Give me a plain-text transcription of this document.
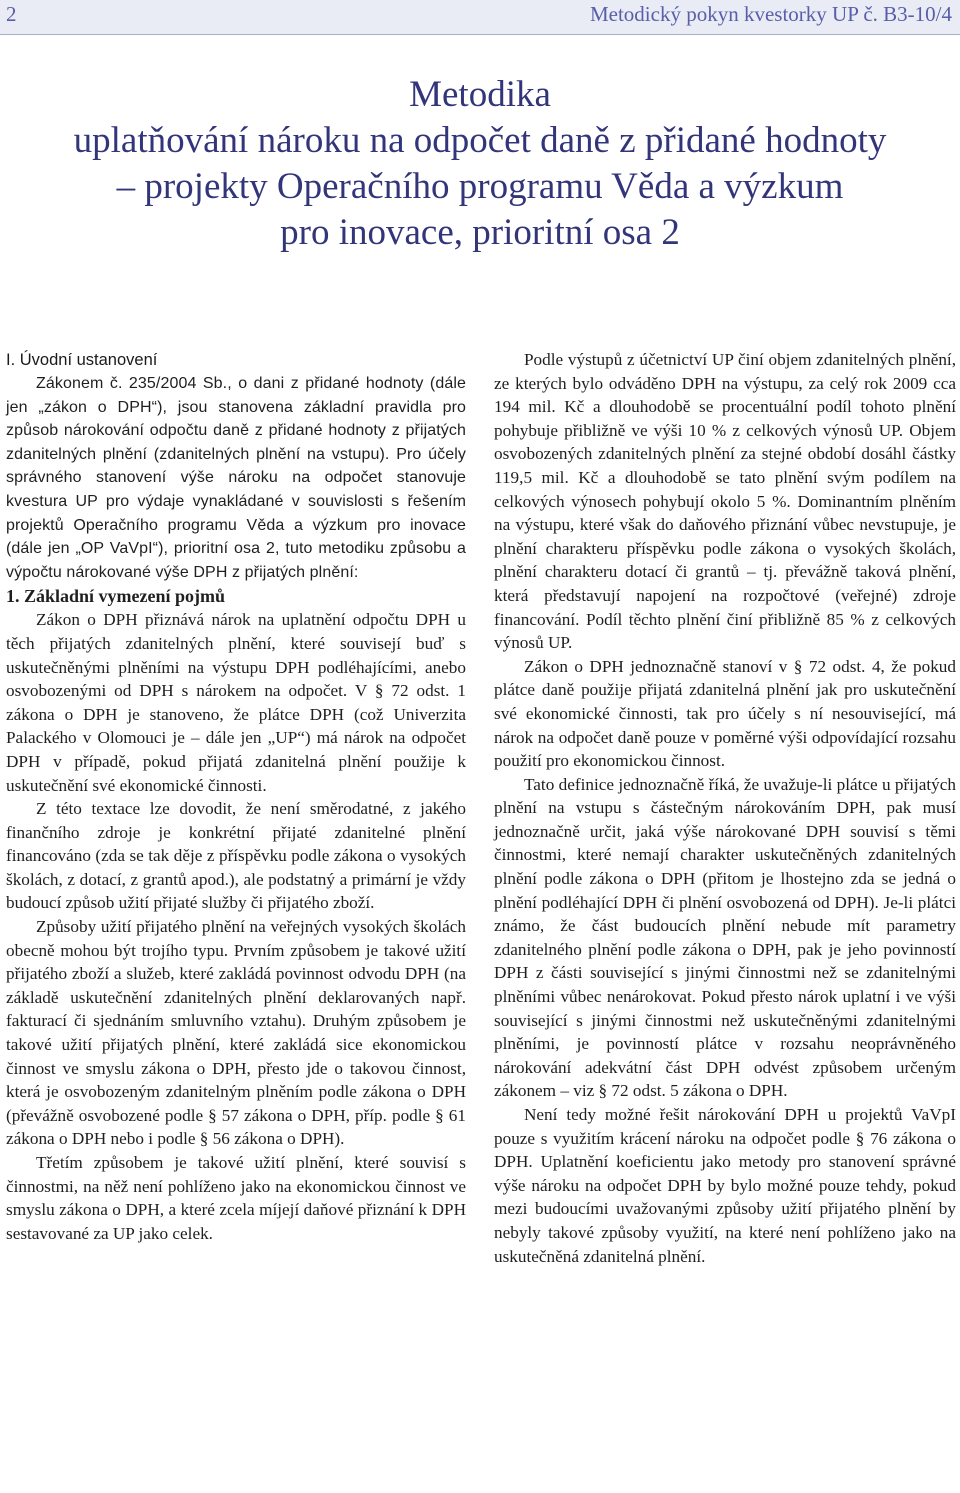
2	Metodický pokyn kvestorky UP č. B3-10/4
Metodika
uplatňování nároku na odpočet daně z přidané hodnoty
– projekty Operačního programu Věda a výzkum
pro inovace, prioritní osa 2

I. Úvodní ustanovení

Zákonem č. 235/2004 Sb., o dani z přidané hodnoty (dále jen „zákon o DPH“), jsou stanovena základní pravidla pro způsob nárokování odpočtu daně z přidané hodnoty z přijatých zdanitelných plnění (zdanitelných plnění na vstupu). Pro účely správného stanovení výše nároku na odpočet stanovuje kvestura UP pro výdaje vynakládané v souvislosti s řešením projektů Operačního programu Věda a výzkum pro inovace (dále jen „OP VaVpI“), prioritní osa 2, tuto metodiku způsobu a výpočtu nárokované výše DPH z přijatých plnění:

1. Základní vymezení pojmů

Zákon o DPH přiznává nárok na uplatnění odpočtu DPH u těch přijatých zdanitelných plnění, které souvisejí buď s uskutečněnými plněními na výstupu DPH podléhajícími, anebo osvobozenými od DPH s nárokem na odpočet. V § 72 odst. 1 zákona o DPH je stanoveno, že plátce DPH (což Univerzita Palackého v Olomouci je – dále jen „UP“) má nárok na odpočet DPH v případě, pokud přijatá zdanitelná plnění použije k uskutečnění své ekonomické činnosti.

Z této textace lze dovodit, že není směrodatné, z jakého finančního zdroje je konkrétní přijaté zdanitelné plnění financováno (zda se tak děje z příspěvku podle zákona o vysokých školách, z dotací, z grantů apod.), ale podstatný a primární je vždy budoucí způsob užití přijaté služby či přijatého zboží.

Způsoby užití přijatého plnění na veřejných vysokých školách obecně mohou být trojího typu. Prvním způsobem je takové užití přijatého zboží a služeb, které zakládá povinnost odvodu DPH (na základě uskutečnění zdanitelných plnění deklarovaných např. fakturací či sjednáním smluvního vztahu). Druhým způsobem je takové užití přijatých plnění, které zakládá sice ekonomickou činnost ve smyslu zákona o DPH, přesto jde o takovou činnost, která je osvobozeným zdanitelným plněním podle zákona o DPH (převážně osvobozené podle § 57 zákona o DPH, příp. podle § 61 zákona o DPH nebo i podle § 56 zákona o DPH).

Třetím způsobem je takové užití plnění, které souvisí s činnostmi, na něž není pohlíženo jako na ekonomickou činnost ve smyslu zákona o DPH, a které zcela míjejí daňové přiznání k DPH sestavované za UP jako celek.

Podle výstupů z účetnictví UP činí objem zdanitelných plnění, ze kterých bylo odváděno DPH na výstupu, za celý rok 2009 cca 194 mil. Kč a dlouhodobě se procentuální podíl tohoto plnění pohybuje přibližně ve výši 10 % z celkových výnosů UP. Objem osvobozených zdanitelných plnění za stejné období dosáhl částky 119,5 mil. Kč a dlouhodobě se tato plnění svým podílem na celkových výnosech pohybují okolo 5 %. Dominantním plněním na výstupu, které však do daňového přiznání vůbec nevstupuje, je plnění charakteru příspěvku podle zákona o vysokých školách, plnění charakteru dotací či grantů – tj. převážně taková plnění, která představují napojení na rozpočtové (veřejné) zdroje financování. Podíl těchto plnění činí přibližně 85 % z celkových výnosů UP.

Zákon o DPH jednoznačně stanoví v § 72 odst. 4, že pokud plátce daně použije přijatá zdanitelná plnění jak pro uskutečnění své ekonomické činnosti, tak pro účely s ní nesouvisející, má nárok na odpočet daně pouze v poměrné výši odpovídající rozsahu použití pro ekonomickou činnost.

Tato definice jednoznačně říká, že uvažuje-li plátce u přijatých plnění na vstupu s částečným nárokováním DPH, pak musí jednoznačně určit, jaká výše nárokované DPH souvisí s těmi činnostmi, které nemají charakter uskutečněných zdanitelných plnění podle zákona o DPH (přitom je lhostejno zda se jedná o plnění podléhající DPH či plnění osvobozená od DPH). Je-li plátci známo, že část budoucích plnění nebude mít parametry zdanitelného plnění podle zákona o DPH, pak je jeho povinností DPH z části související s jinými činnostmi než se zdanitelnými plněními vůbec nenárokovat. Pokud přesto nárok uplatní i ve výši související s jinými činnostmi než uskutečněnými zdanitelnými plněními, je povinností plátce v rozsahu neoprávněného nárokování adekvátní část DPH odvést způsobem určeným zákonem – viz § 72 odst. 5 zákona o DPH.

Není tedy možné řešit nárokování DPH u projektů VaVpI pouze s využitím krácení nároku na odpočet podle § 76 zákona o DPH. Uplatnění koeficientu jako metody pro stanovení správné výše nároku na odpočet DPH by bylo možné pouze tehdy, pokud mezi budoucími uvažovanými způsoby užití přijatého plnění by nebyly takové způsoby využití, na které není pohlíženo jako na uskutečněná zdanitelná plnění.
